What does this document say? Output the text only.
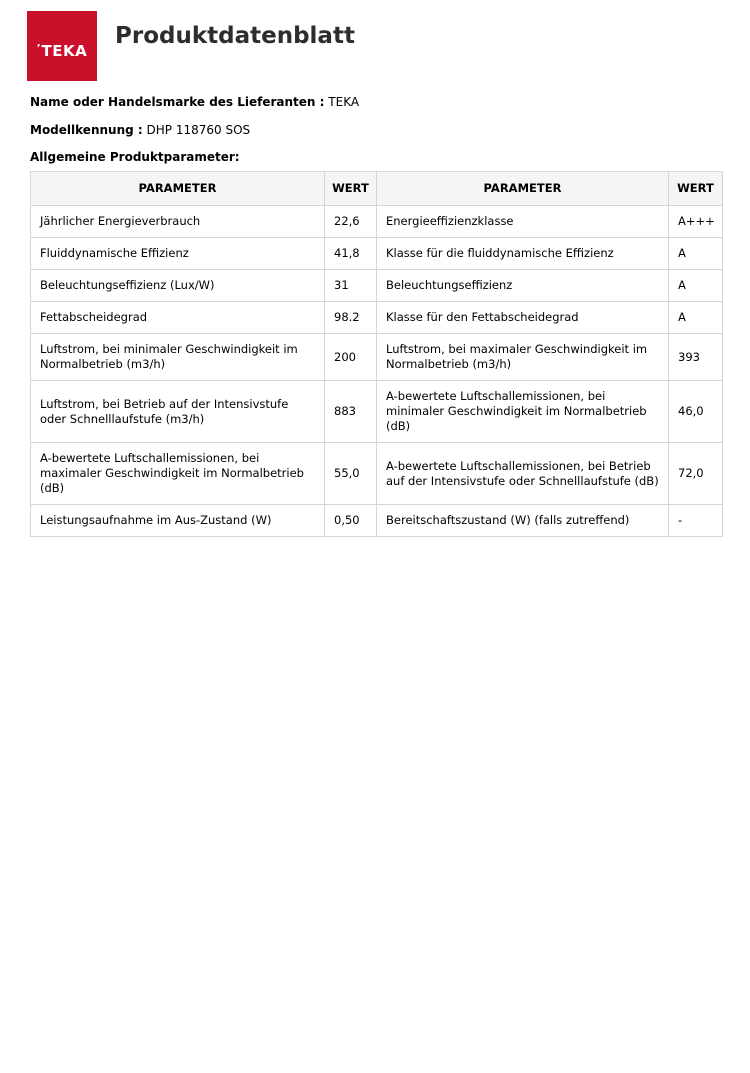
’ TEKA
Produktdatenblatt

Name oder Handelsmarke des Lieferanten : TEKA

Modellkennung : DHP 118760 SOS

Allgemeine Produktparameter:

PARAMETER	WERT	PARAMETER	WERT
Jährlicher Energieverbrauch	22,6	Energieeffizienzklasse	A+++
Fluiddynamische Effizienz	41,8	Klasse für die fluiddynamische Effizienz	A
Beleuchtungseffizienz (Lux/W)	31	Beleuchtungseffizienz	A
Fettabscheidegrad	98.2	Klasse für den Fettabscheidegrad	A
Luftstrom, bei minimaler Geschwindigkeit im Normalbetrieb (m3/h)	200	Luftstrom, bei maximaler Geschwindigkeit im Normalbetrieb (m3/h)	393
Luftstrom, bei Betrieb auf der Intensivstufe oder Schnelllaufstufe (m3/h)	883	A-bewertete Luftschallemissionen, bei minimaler Geschwindigkeit im Normalbetrieb (dB)	46,0
A-bewertete Luftschallemissionen, bei maximaler Geschwindigkeit im Normalbetrieb (dB)	55,0	A-bewertete Luftschallemissionen, bei Betrieb auf der Intensivstufe oder Schnelllaufstufe (dB)	72,0
Leistungsaufnahme im Aus-Zustand (W)	0,50	Bereitschaftszustand (W) (falls zutreffend)	-
